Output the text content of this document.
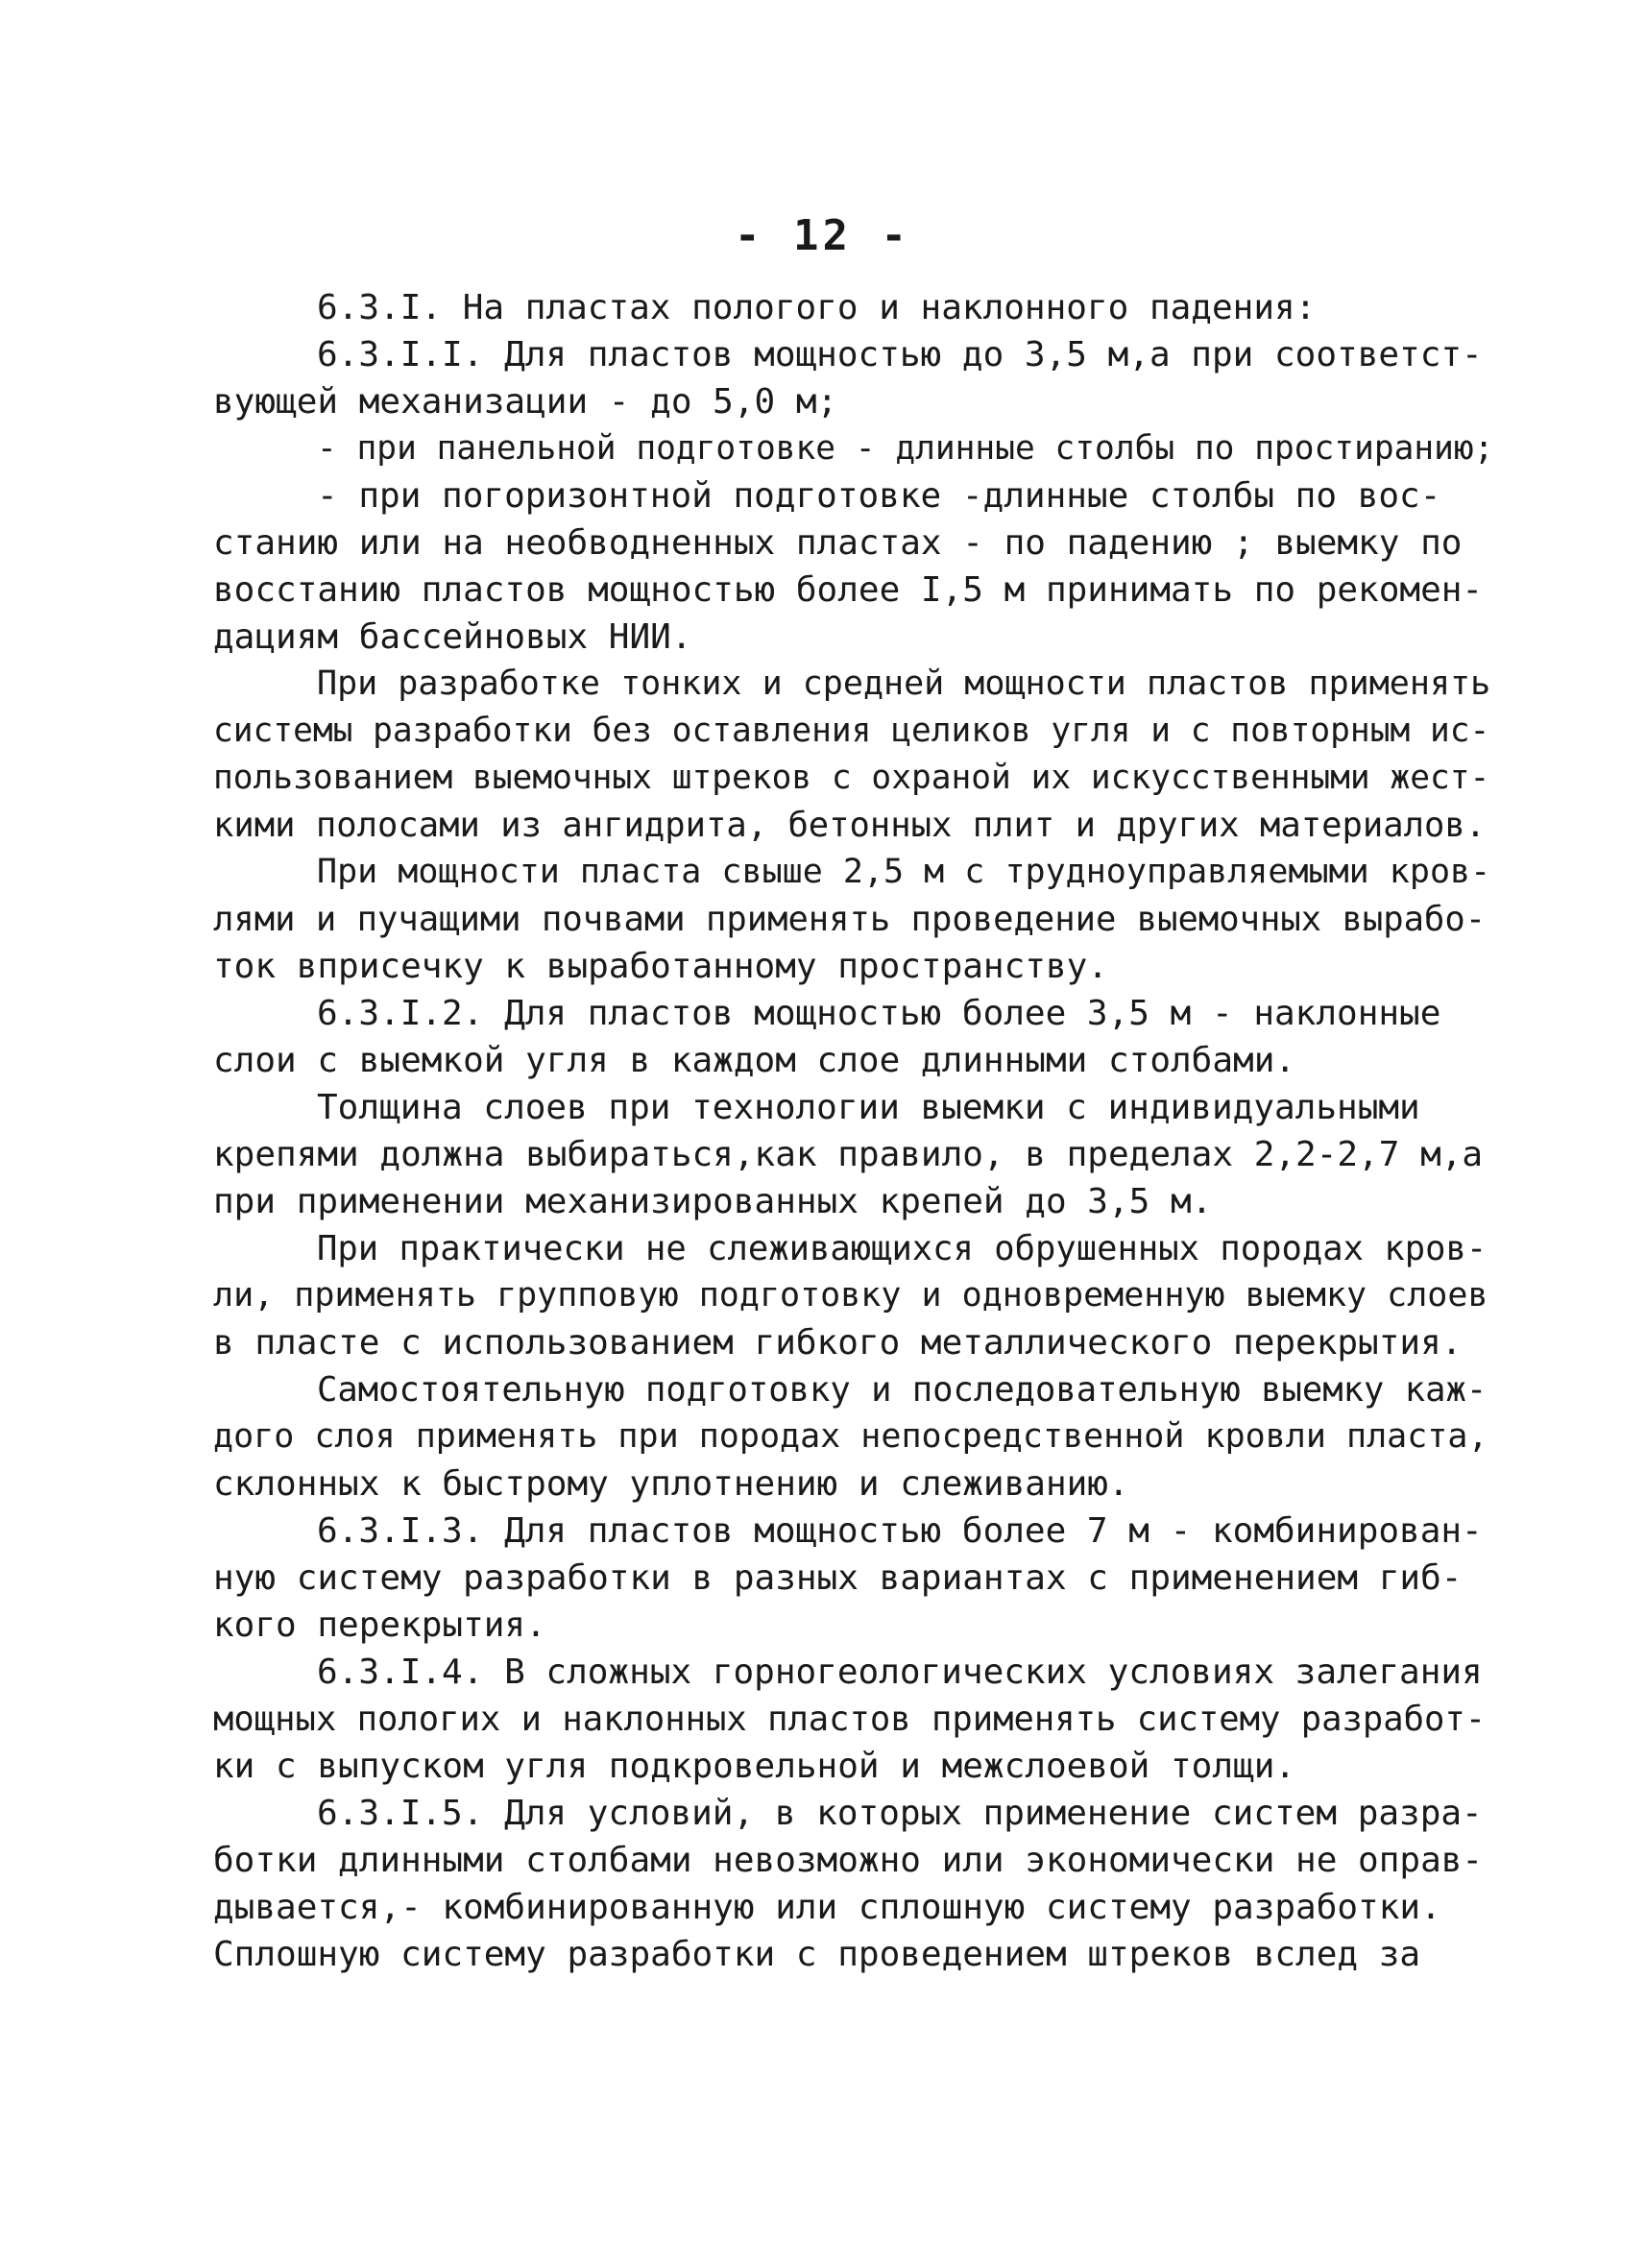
- 12 -
6.3.I. На пластах пологого и наклонного падения:
6.3.I.I. Для пластов мощностью до 3,5 м,а при соответст-
вующей механизации - до 5,0 м;
- при панельной подготовке - длинные столбы по простиранию;
- при погоризонтной подготовке -длинные столбы по вос-
станию или на необводненных пластах - по падению ; выемку по
восстанию пластов мощностью более I,5 м принимать по рекомен-
дациям бассейновых НИИ.
При разработке тонких и средней мощности пластов применять
системы разработки без оставления целиков угля и с повторным ис-
пользованием выемочных штреков с охраной их искусственными жест-
кими полосами из ангидрита, бетонных плит и других материалов.
При мощности пласта свыше 2,5 м с трудноуправляемыми кров-
лями и пучащими почвами применять проведение выемочных вырабо-
ток вприсечку к выработанному пространству.
6.3.I.2. Для пластов мощностью более 3,5 м - наклонные
слои с выемкой угля в каждом слое длинными столбами.
Толщина слоев при технологии выемки с индивидуальными
крепями должна выбираться,как правило, в пределах 2,2-2,7 м,а
при применении механизированных крепей до 3,5 м.
При практически не слеживающихся обрушенных породах кров-
ли, применять групповую подготовку и одновременную выемку слоев
в пласте с использованием гибкого металлического перекрытия.
Самостоятельную подготовку и последовательную выемку каж-
дого слоя применять при породах непосредственной кровли пласта,
склонных к быстрому уплотнению и слеживанию.
6.3.I.3. Для пластов мощностью более 7 м - комбинирован-
ную систему разработки в разных вариантах с применением гиб-
кого перекрытия.
6.3.I.4. В сложных горногеологических условиях залегания
мощных пологих и наклонных пластов применять систему разработ-
ки с выпуском угля подкровельной и межслоевой толщи.
6.3.I.5. Для условий, в которых применение систем разра-
ботки длинными столбами невозможно или экономически не оправ-
дывается,- комбинированную или сплошную систему разработки.
Сплошную систему разработки с проведением штреков вслед за
